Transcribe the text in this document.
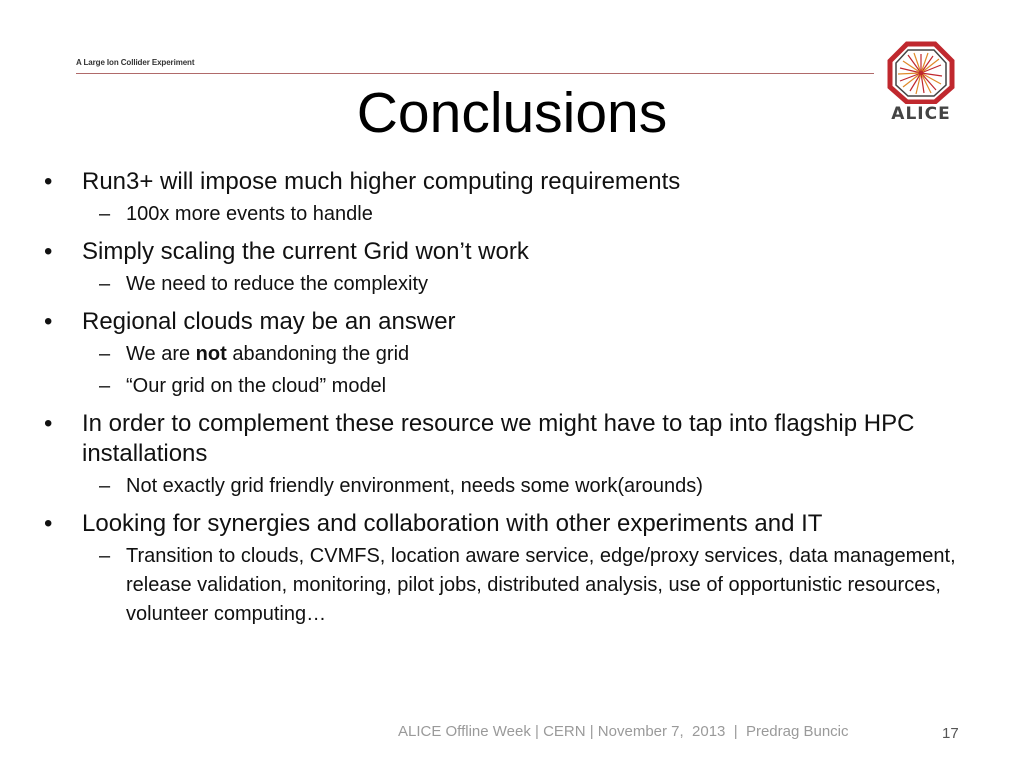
A Large Ion Collider Experiment
ALICE
Conclusions
• Run3+ will impose much higher computing requirements
– 100x more events to handle
• Simply scaling the current Grid won’t work
– We need to reduce the complexity
• Regional clouds may be an answer
– We are not abandoning the grid
– “Our grid on the cloud” model
• In order to complement these resource we might have to tap into flagship HPC installations
– Not exactly grid friendly environment, needs some work(arounds)
• Looking for synergies and collaboration with other experiments and IT
– Transition to clouds, CVMFS, location aware service, edge/proxy services, data management, release validation, monitoring, pilot jobs, distributed analysis, use of opportunistic resources, volunteer computing…
ALICE Offline Week | CERN | November 7,  2013  |  Predrag Buncic	17
